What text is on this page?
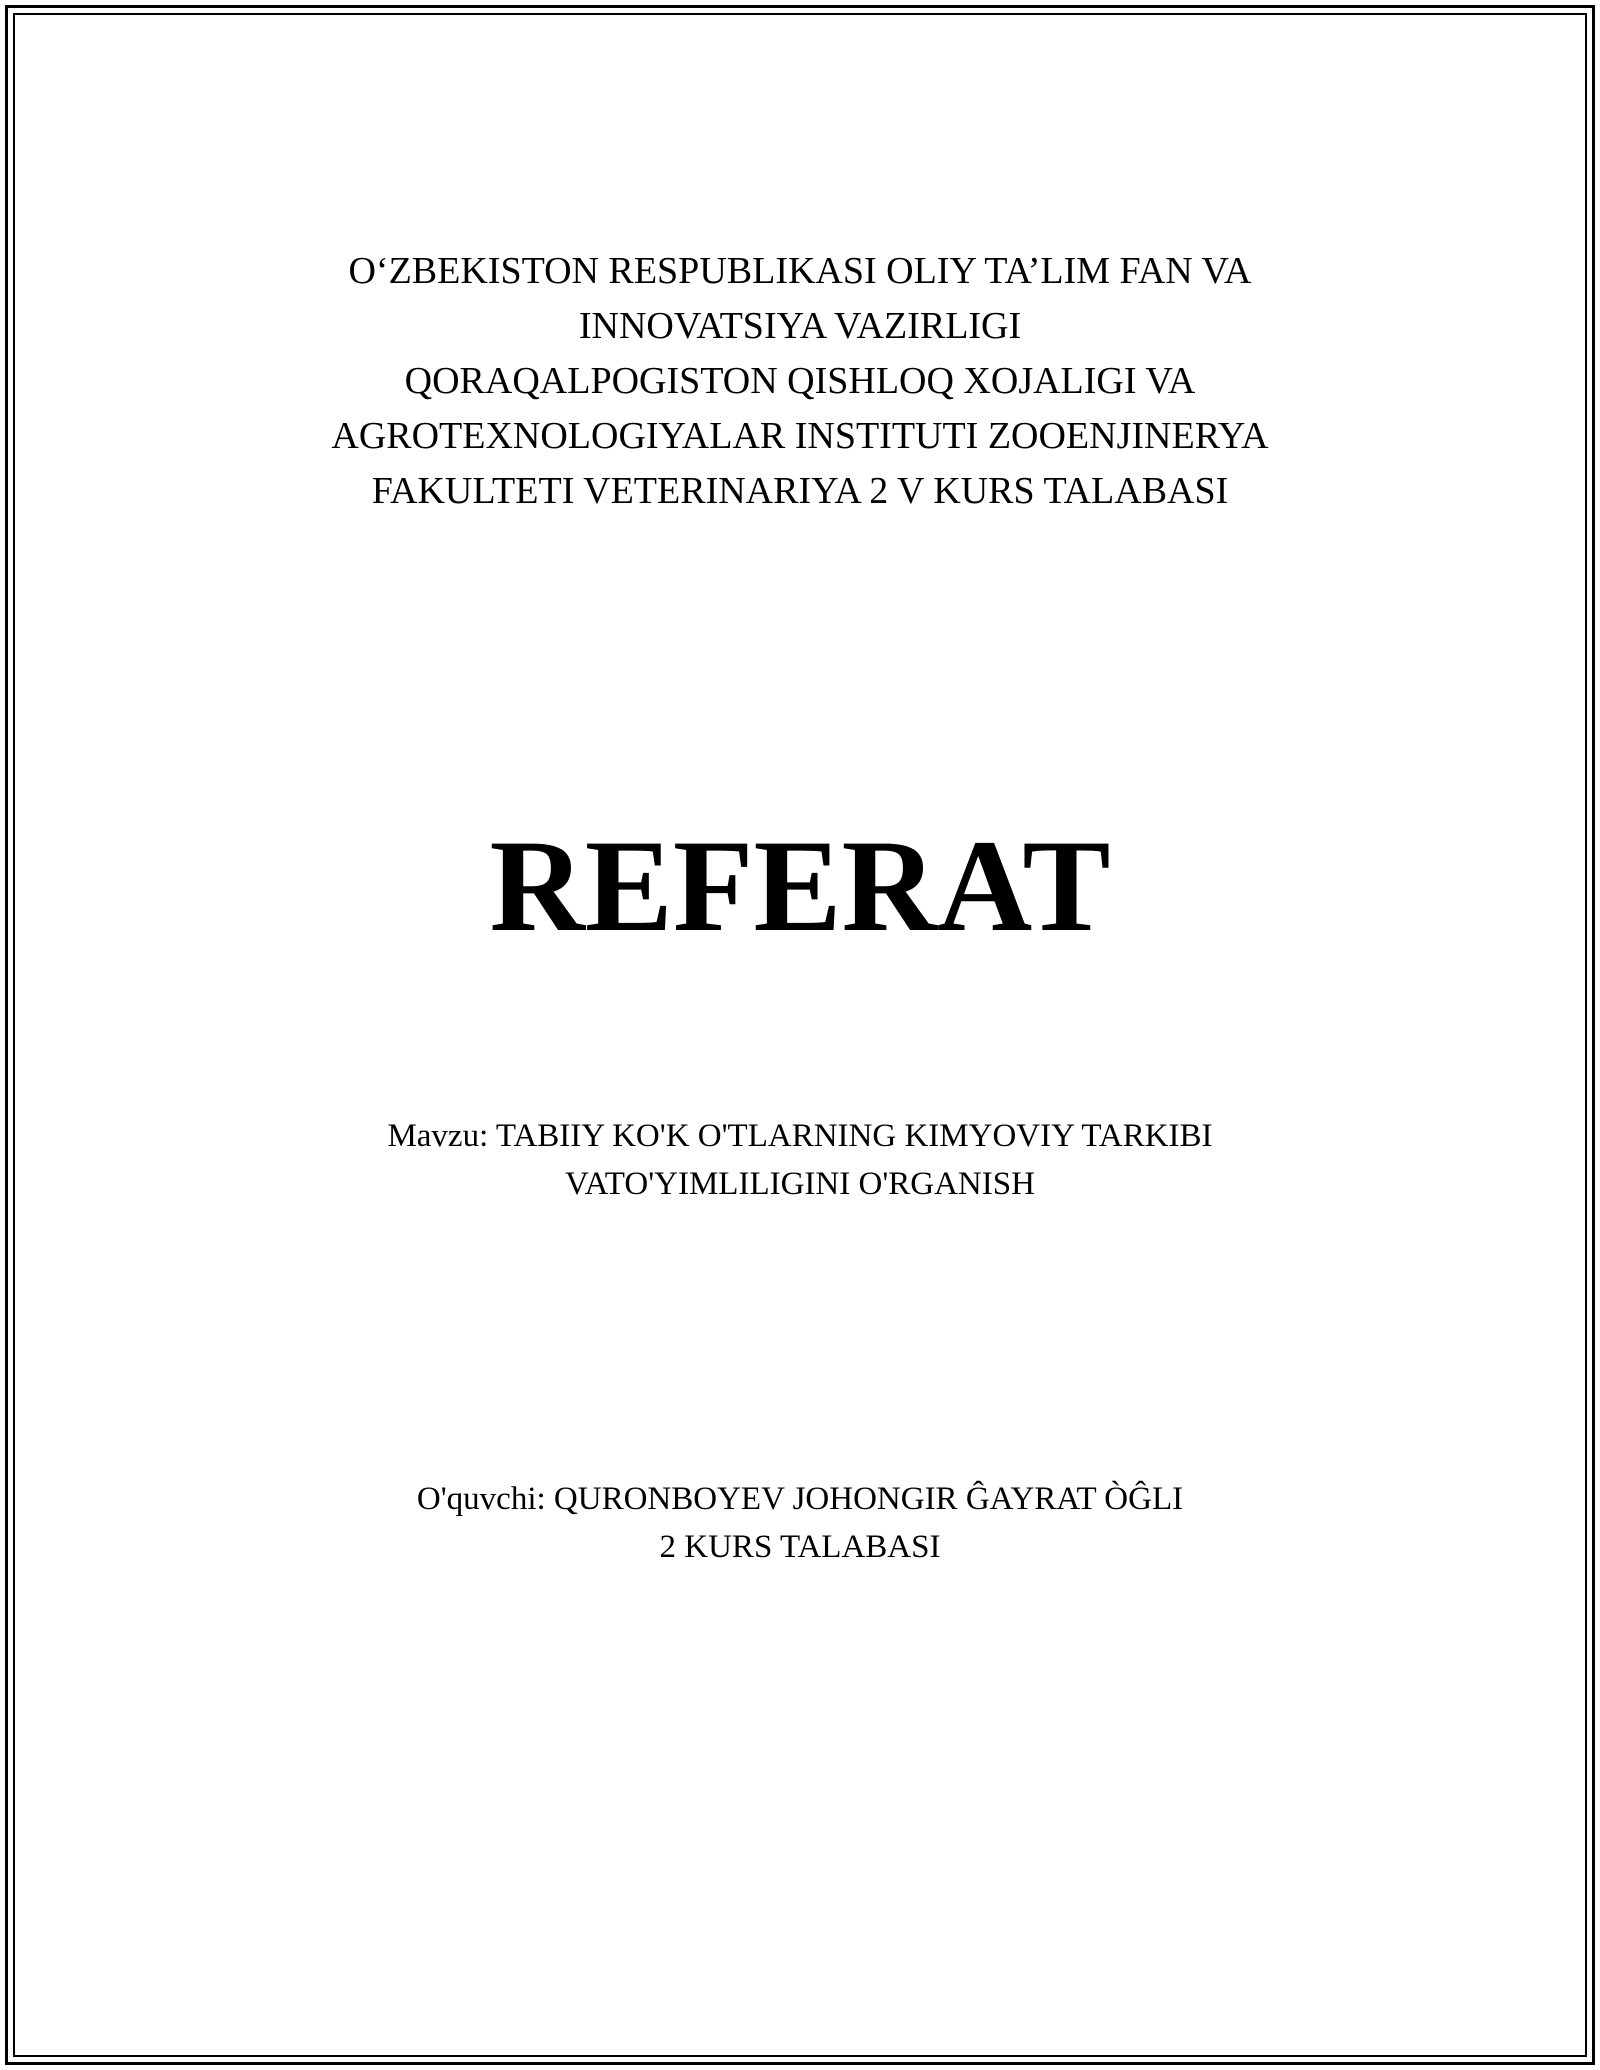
O‘ZBEKISTON RESPUBLIKASI OLIY TA’LIM FAN VA
INNOVATSIYA VAZIRLIGI
QORAQALPOGISTON QISHLOQ XOJALIGI VA
AGROTEXNOLOGIYALAR INSTITUTI ZOOENJINERYA
FAKULTETI VETERINARIYA 2 V KURS TALABASI
REFERAT
Mavzu: TABIIY KO'K O'TLARNING KIMYOVIY TARKIBI
VATO'YIMLILIGINI O'RGANISH
O'quvchi: QURONBOYEV JOHONGIR ĜAYRAT ÒĜLI
2 KURS TALABASI
